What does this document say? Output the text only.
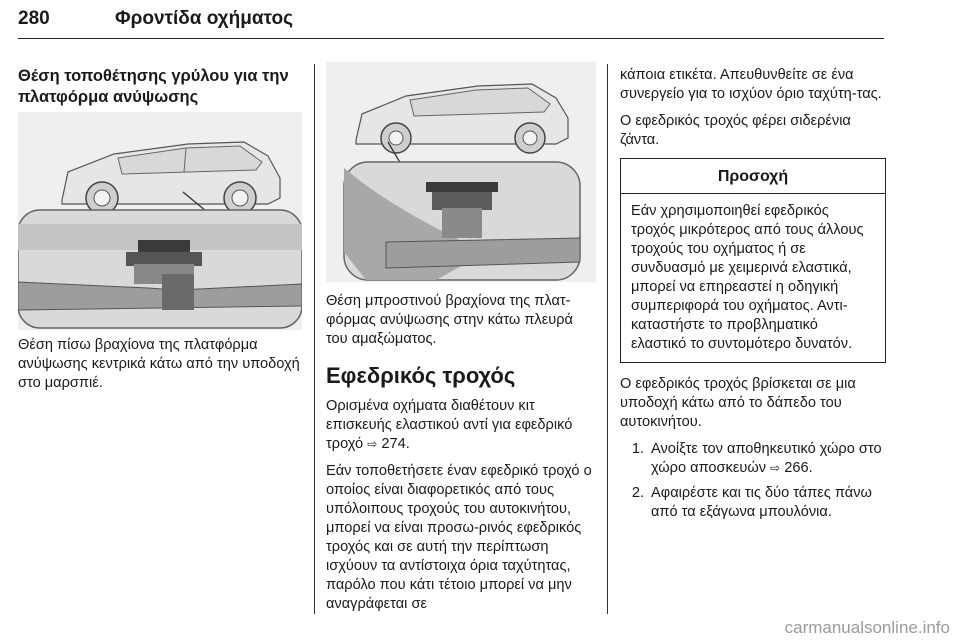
280	Φροντίδα οχήματος

Θέση τοποθέτησης γρύλου για την πλατφόρμα ανύψωσης

Θέση πίσω βραχίονα της πλατφόρμα ανύψωσης κεντρικά κάτω από την υποδοχή στο μαρσπιέ.

Θέση μπροστινού βραχίονα της πλατ‐φόρμας ανύψωσης στην κάτω πλευρά του αμαξώματος.

Εφεδρικός τροχός

Ορισμένα οχήματα διαθέτουν κιτ επισκευής ελαστικού αντί για εφεδρικό τροχό ⇨ 274.

Εάν τοποθετήσετε έναν εφεδρικό τροχό ο οποίος είναι διαφορετικός από τους υπόλοιπους τροχούς του αυτοκινήτου, μπορεί να είναι προσω‐ρινός εφεδρικός τροχός και σε αυτή την περίπτωση ισχύουν τα αντίστοιχα όρια ταχύτητας, παρόλο που κάτι τέτοιο μπορεί να μην αναγράφεται σε

κάποια ετικέτα. Απευθυνθείτε σε ένα συνεργείο για το ισχύον όριο ταχύτη‐τας.

Ο εφεδρικός τροχός φέρει σιδερένια ζάντα.

Προσοχή
Εάν χρησιμοποιηθεί εφεδρικός τροχός μικρότερος από τους άλλους τροχούς του οχήματος ή σε συνδυασμό με χειμερινά ελαστικά, μπορεί να επηρεαστεί η οδηγική συμπεριφορά του οχήματος. Αντι‐καταστήστε το προβληματικό ελαστικό το συντομότερο δυνατόν.

Ο εφεδρικός τροχός βρίσκεται σε μια υποδοχή κάτω από το δάπεδο του αυτοκινήτου.

1. Ανοίξτε τον αποθηκευτικό χώρο στο χώρο αποσκευών ⇨ 266.
2. Αφαιρέστε και τις δύο τάπες πάνω από τα εξάγωνα μπουλόνια.
carmanualsonline.info
